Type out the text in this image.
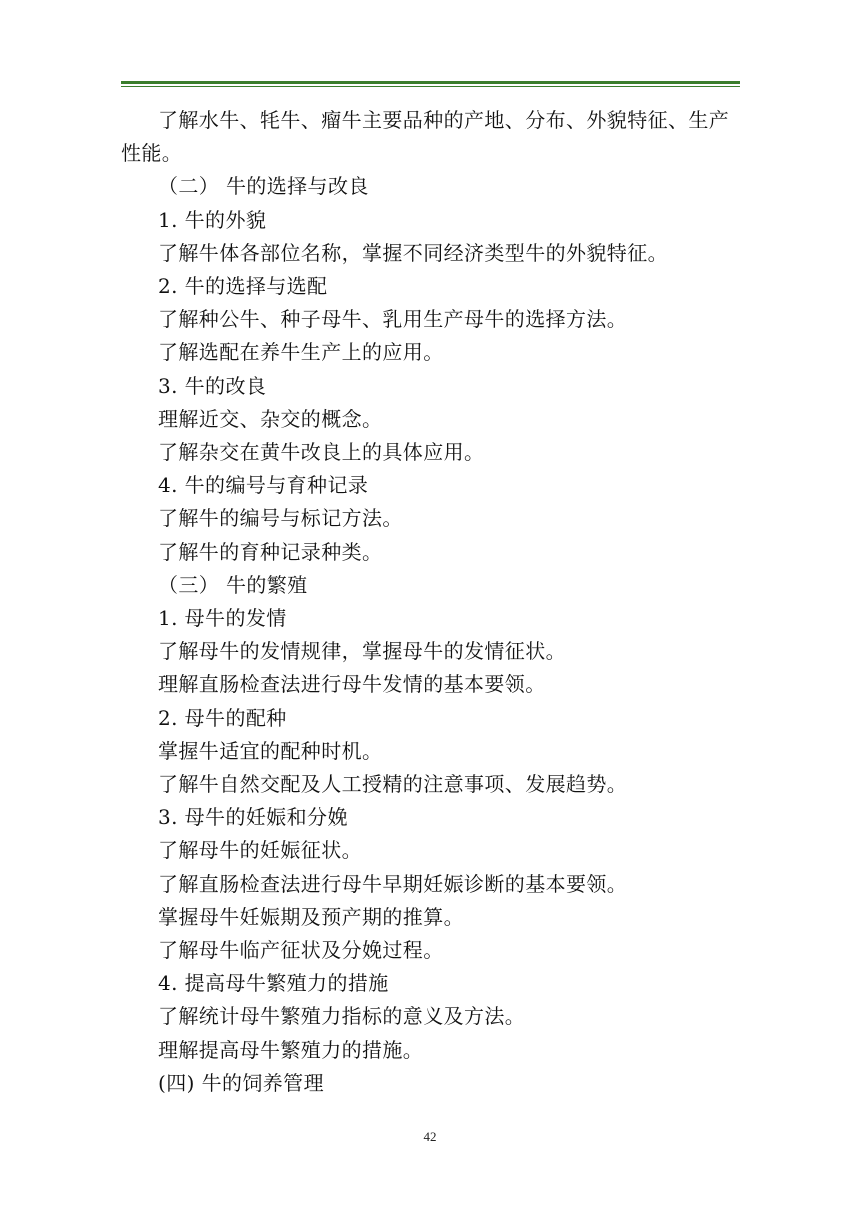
了解水牛、牦牛、瘤牛主要品种的产地、分布、外貌特征、生产性能。

（二） 牛的选择与改良

1. 牛的外貌

了解牛体各部位名称，掌握不同经济类型牛的外貌特征。

2. 牛的选择与选配

了解种公牛、种子母牛、乳用生产母牛的选择方法。

了解选配在养牛生产上的应用。

3. 牛的改良

理解近交、杂交的概念。

了解杂交在黄牛改良上的具体应用。

4. 牛的编号与育种记录

了解牛的编号与标记方法。

了解牛的育种记录种类。

（三） 牛的繁殖

1. 母牛的发情

了解母牛的发情规律，掌握母牛的发情征状。

理解直肠检查法进行母牛发情的基本要领。

2. 母牛的配种

掌握牛适宜的配种时机。

了解牛自然交配及人工授精的注意事项、发展趋势。

3. 母牛的妊娠和分娩

了解母牛的妊娠征状。

了解直肠检查法进行母牛早期妊娠诊断的基本要领。

掌握母牛妊娠期及预产期的推算。

了解母牛临产征状及分娩过程。

4. 提高母牛繁殖力的措施

了解统计母牛繁殖力指标的意义及方法。

理解提高母牛繁殖力的措施。

(四) 牛的饲养管理

42
